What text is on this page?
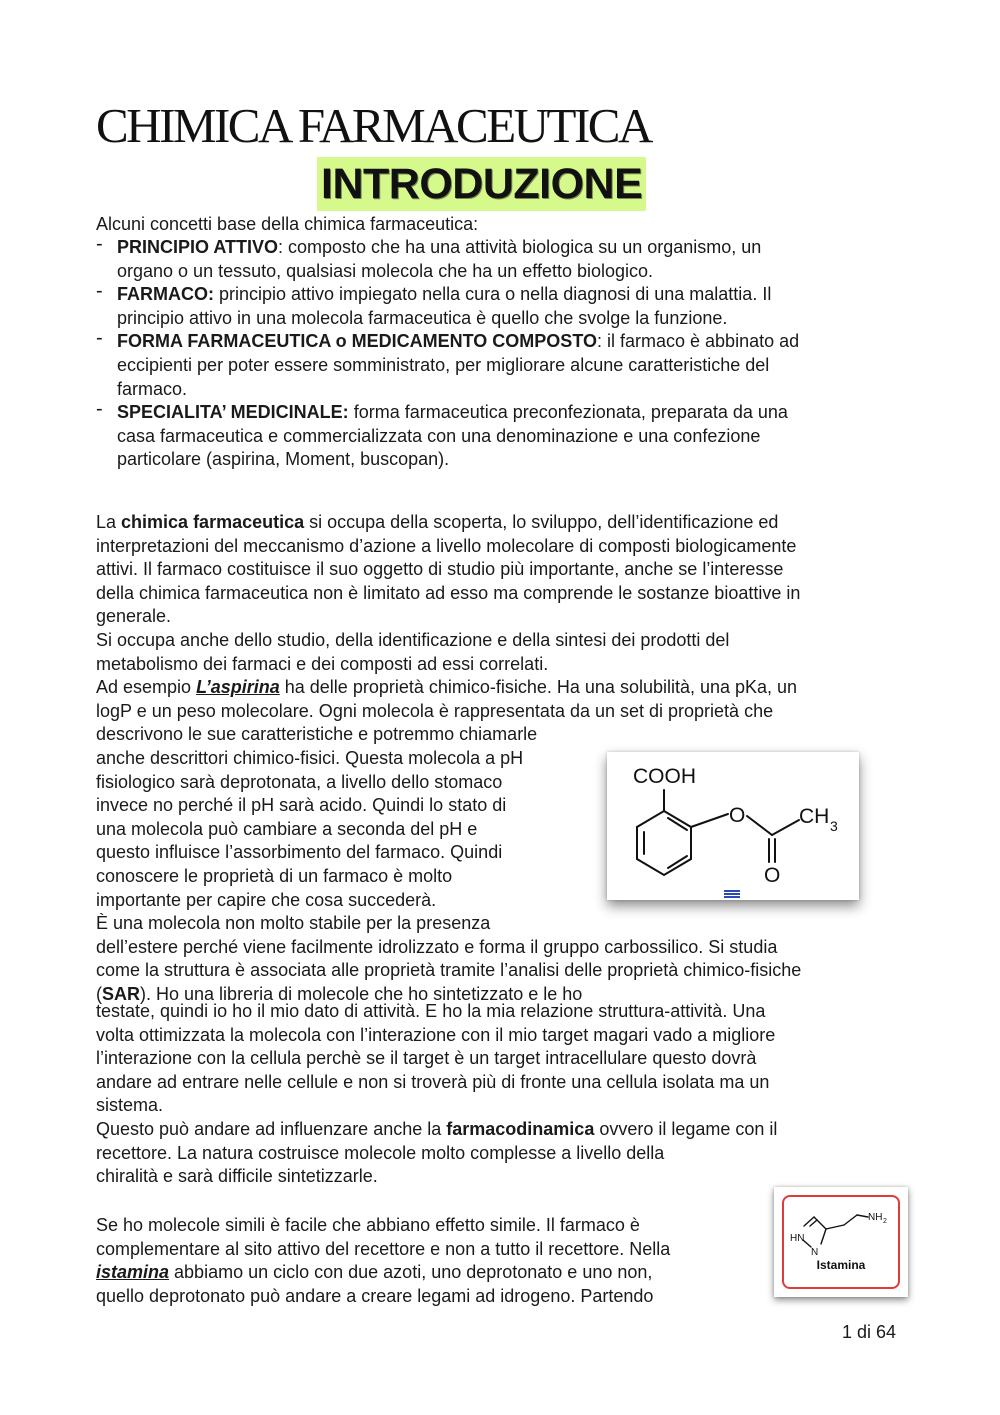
CHIMICA FARMACEUTICA
INTRODUZIONE

Alcuni concetti base della chimica farmaceutica:

- PRINCIPIO ATTIVO: composto che ha una attività biologica su un organismo, un
organo o un tessuto, qualsiasi molecola che ha un effetto biologico.
- FARMACO: principio attivo impiegato nella cura o nella diagnosi di una malattia. Il
principio attivo in una molecola farmaceutica è quello che svolge la funzione.
- FORMA FARMACEUTICA o MEDICAMENTO COMPOSTO: il farmaco è abbinato ad
eccipienti per poter essere somministrato, per migliorare alcune caratteristiche del
farmaco.
- SPECIALITA’ MEDICINALE: forma farmaceutica preconfezionata, preparata da una
casa farmaceutica e commercializzata con una denominazione e una confezione
particolare (aspirina, Moment, buscopan).

La chimica farmaceutica si occupa della scoperta, lo sviluppo, dell’identificazione ed
interpretazioni del meccanismo d’azione a livello molecolare di composti biologicamente
attivi. Il farmaco costituisce il suo oggetto di studio più importante, anche se l’interesse
della chimica farmaceutica non è limitato ad esso ma comprende le sostanze bioattive in
generale.
Si occupa anche dello studio, della identificazione e della sintesi dei prodotti del
metabolismo dei farmaci e dei composti ad essi correlati.
Ad esempio L’aspirina ha delle proprietà chimico-fisiche. Ha una solubilità, una pKa, un
logP e un peso molecolare. Ogni molecola è rappresentata da un set di proprietà che
descrivono le sue caratteristiche e potremmo chiamarle
anche descrittori chimico-fisici. Questa molecola a pH
fisiologico sarà deprotonata, a livello dello stomaco
invece no perché il pH sarà acido. Quindi lo stato di
una molecola può cambiare a seconda del pH e
questo influisce l’assorbimento del farmaco. Quindi
conoscere le proprietà di un farmaco è molto
importante per capire che cosa succederà.
È una molecola non molto stabile per la presenza
dell’estere perché viene facilmente idrolizzato e forma il gruppo carbossilico. Si studia
come la struttura è associata alle proprietà tramite l’analisi delle proprietà chimico-fisiche
(SAR). Ho una libreria di molecole che ho sintetizzato e le ho

COOH
O	CH 3
O

testate, quindi io ho il mio dato di attività. E ho la mia relazione struttura-attività. Una
volta ottimizzata la molecola con l’interazione con il mio target magari vado a migliore
l’interazione con la cellula perchè se il target è un target intracellulare questo dovrà
andare ad entrare nelle cellule e non si troverà più di fronte una cellula isolata ma un
sistema.
Questo può andare ad influenzare anche la farmacodinamica ovvero il legame con il
recettore. La natura costruisce molecole molto complesse a livello della
chiralità e sarà difficile sintetizzarle.

NH 2
HN
N
Istamina

Se ho molecole simili è facile che abbiano effetto simile. Il farmaco è
complementare al sito attivo del recettore e non a tutto il recettore. Nella
istamina abbiamo un ciclo con due azoti, uno deprotonato e uno non,
quello deprotonato può andare a creare legami ad idrogeno. Partendo

1 di 64
